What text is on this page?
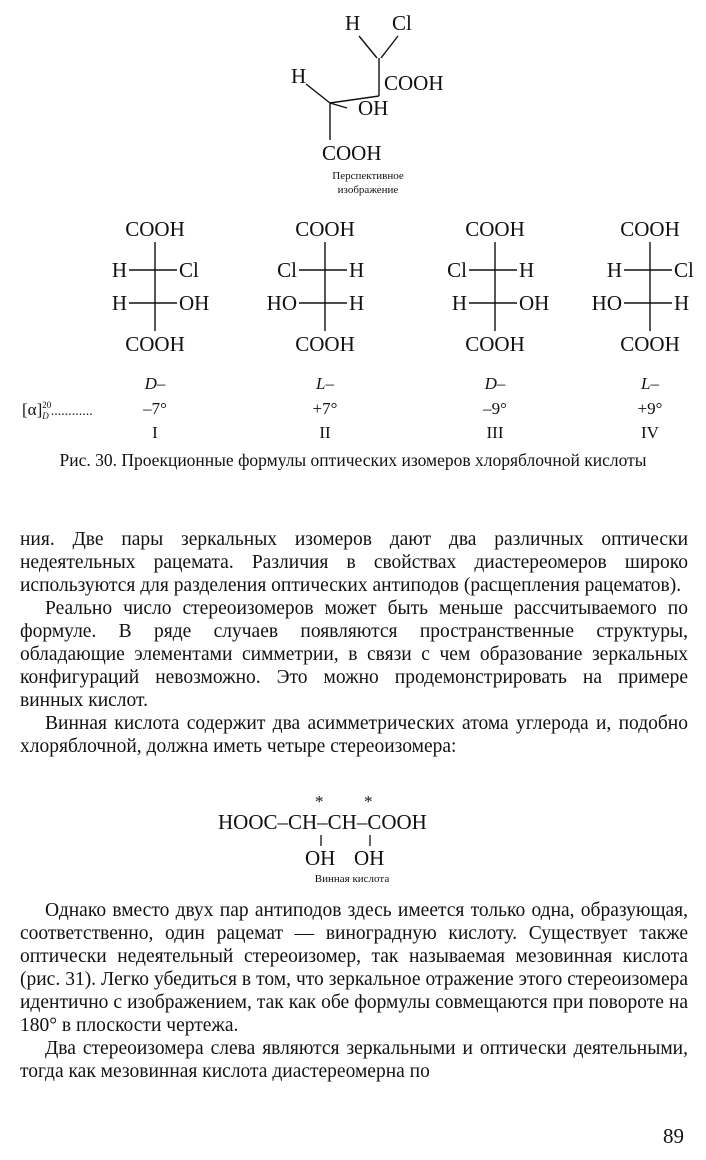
H Cl
COOH
H
OH
COOH
Перспективное
изображение
COOH
H Cl
H OH
COOH
D–
–7°
I
COOH
Cl H
HO H
COOH
L–
+7°
II
COOH
Cl H
H OH
COOH
D–
–9°
III
COOH
H Cl
HO H
COOH
L–
+9°
IV
$[\alpha]^{20}$ D ............
Рис. 30. Проекционные формулы оптических изомеров хлоряблочной кислоты

ния. Две пары зеркальных изомеров дают два различных оптически недеятельных рацемата. Различия в свойствах диастереомеров широко используются для разделения оптических антиподов (расщепления рацематов).

Реально число стереоизомеров может быть меньше рассчитываемого по формуле. В ряде случаев появляются пространственные структуры, обладающие элементами симметрии, в связи с чем образование зеркальных конфигураций невозможно. Это можно продемонстрировать на примере винных кислот.

Винная кислота содержит два асимметрических атома углерода и, подобно хлоряблочной, должна иметь четыре стереоизомера:

* *
HOOC–CH–CH–COOH
OH OH
Винная кислота

Однако вместо двух пар антиподов здесь имеется только одна, образующая, соответственно, один рацемат — виноградную кислоту. Существует также оптически недеятельный стереоизомер, так называемая мезовинная кислота (рис. 31). Легко убедиться в том, что зеркальное отражение этого стереоизомера идентично с изображением, так как обе формулы совмещаются при повороте на 180° в плоскости чертежа.

Два стереоизомера слева являются зеркальными и оптически деятельными, тогда как мезовинная кислота диастереомерна по

89
